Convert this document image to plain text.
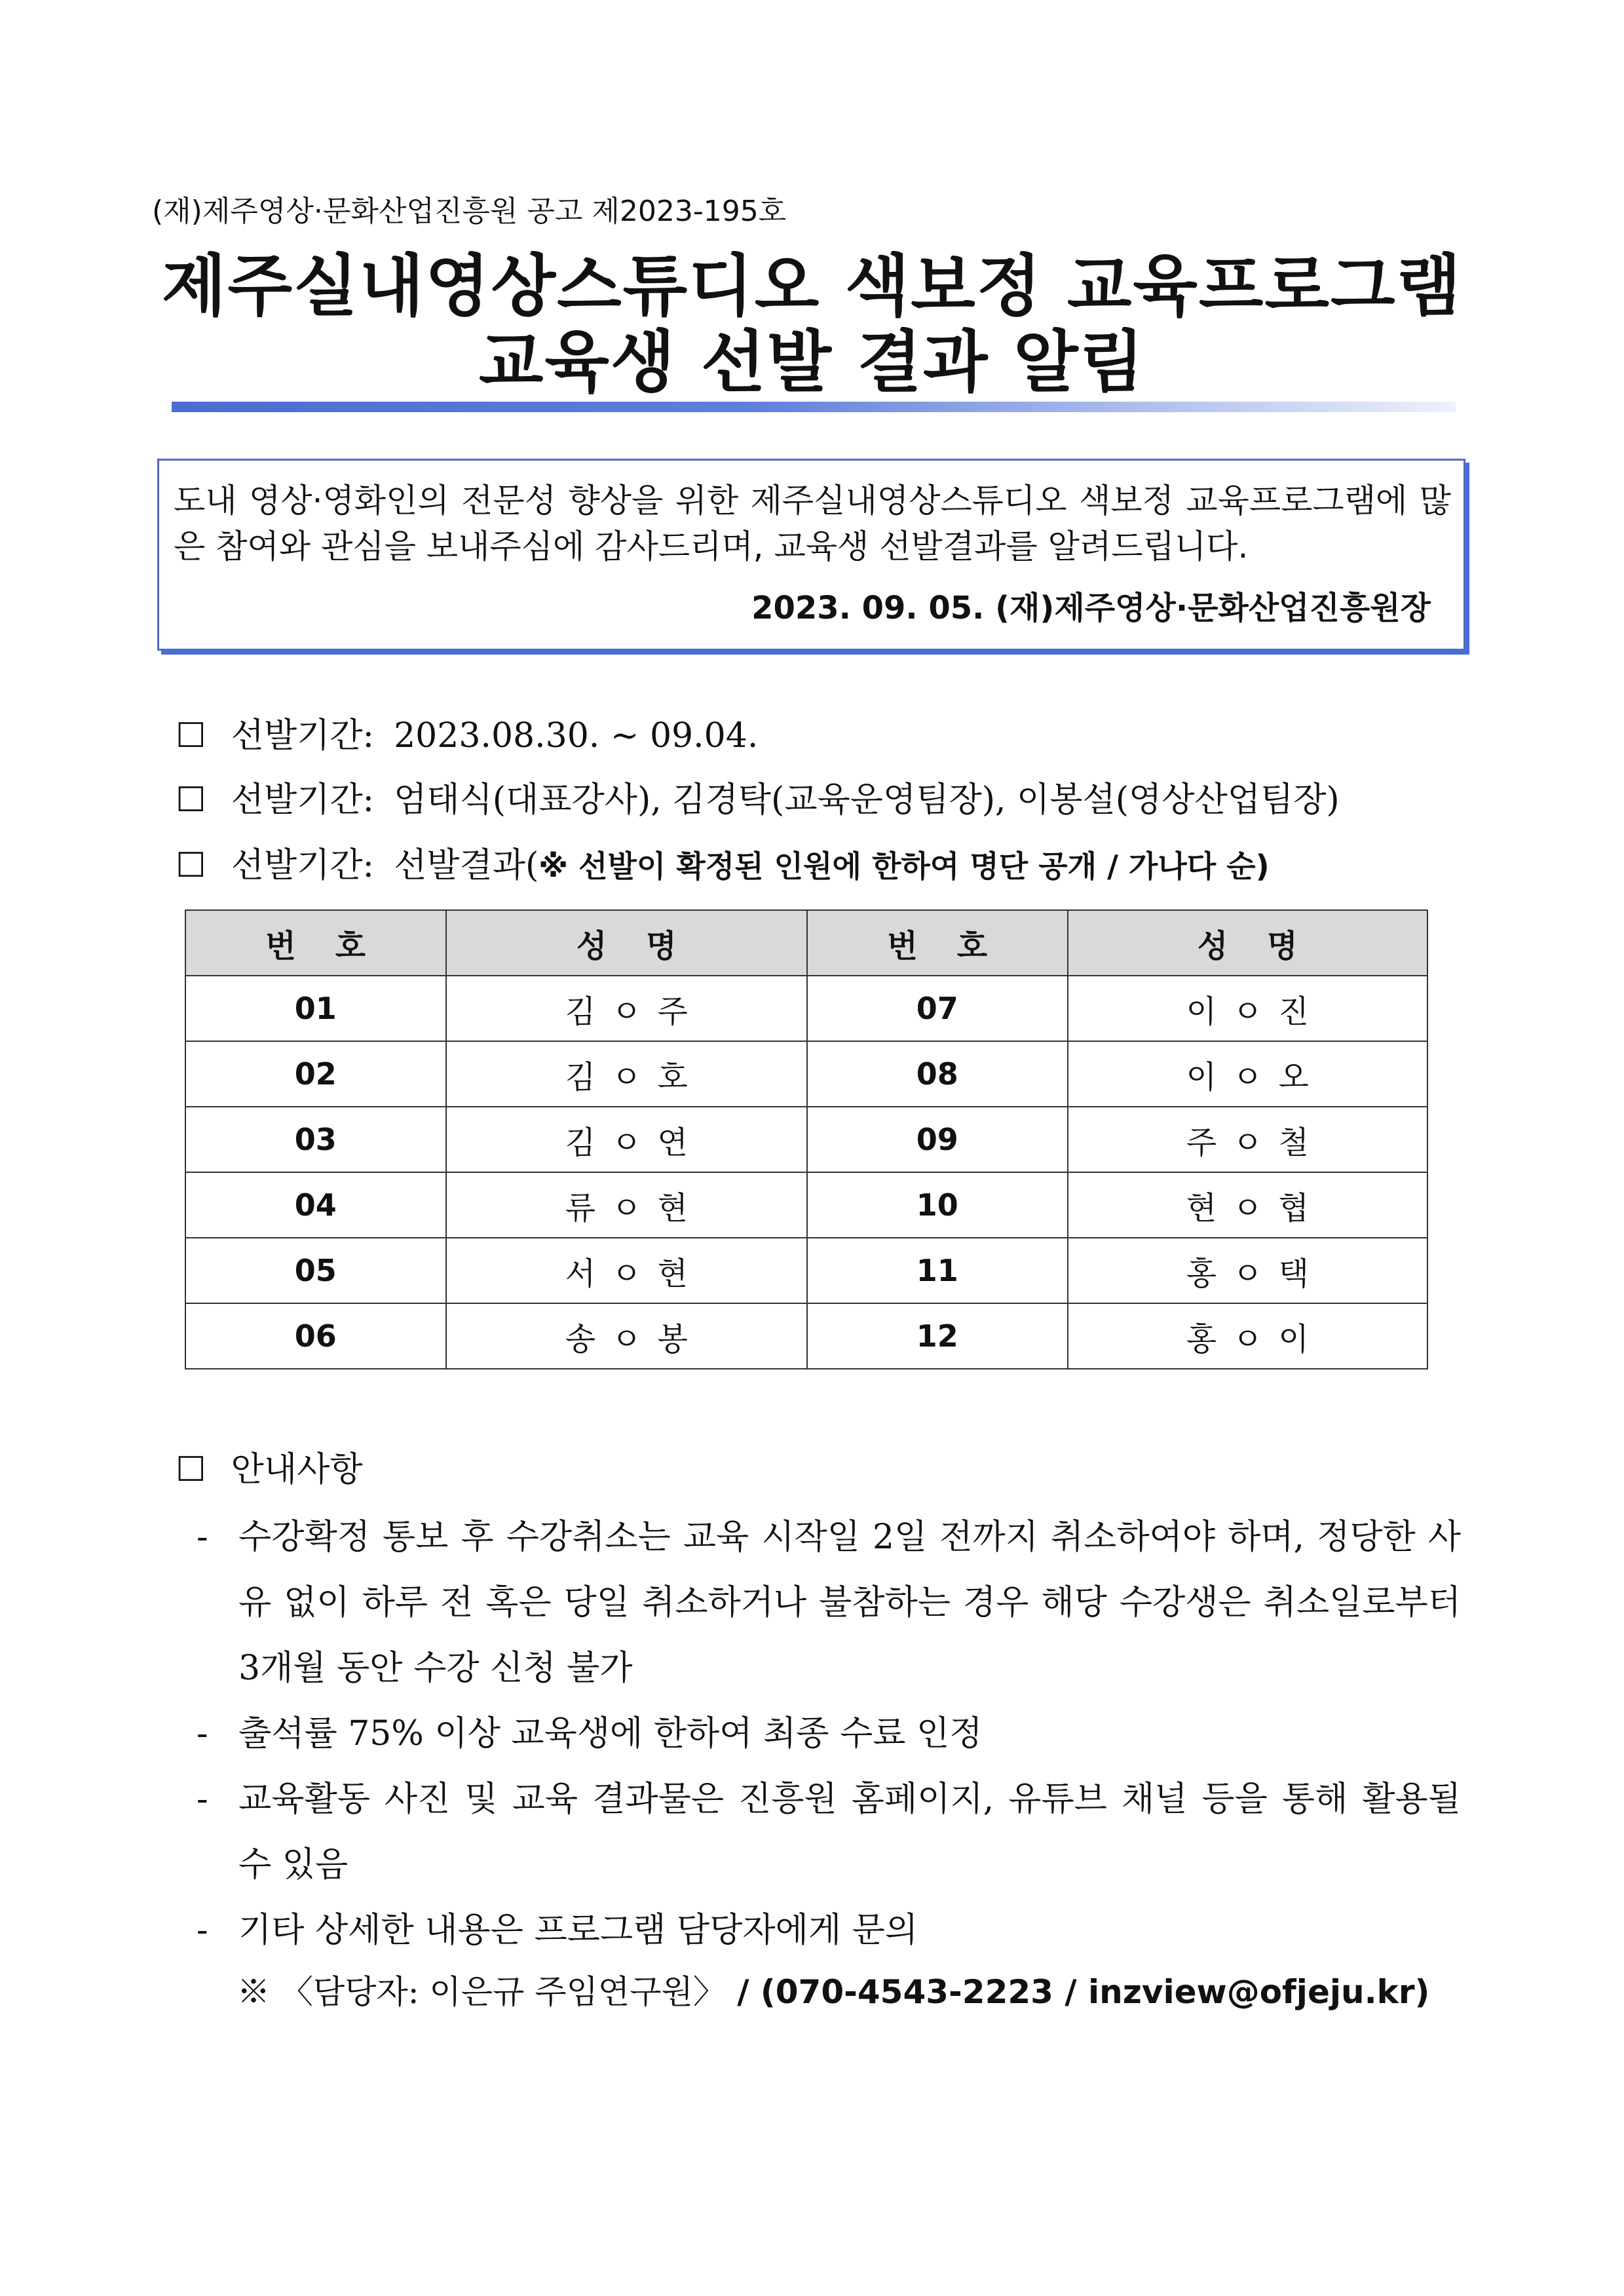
(재)제주영상·문화산업진흥원 공고 제2023-195호
제주실내영상스튜디오 색보정 교육프로그램
교육생 선발 결과 알림
도내 영상·영화인의 전문성 향상을 위한 제주실내영상스튜디오 색보정 교육프로그램에 많은 참여와 관심을 보내주심에 감사드리며, 교육생 선발결과를 알려드립니다.
2023. 09. 05. (재)제주영상·문화산업진흥원장
☐ 선발기간: 2023.08.30. ~ 09.04.
☐ 선발기간: 엄태식(대표강사), 김경탁(교육운영팀장), 이봉설(영상산업팀장)
☐ 선발기간: 선발결과(※ 선발이 확정된 인원에 한하여 명단 공개 / 가나다 순)
번호	성명	번호	성명
01	김ㅇ주	07	이ㅇ진
02	김ㅇ호	08	이ㅇ오
03	김ㅇ연	09	주ㅇ철
04	류ㅇ현	10	현ㅇ협
05	서ㅇ현	11	홍ㅇ택
06	송ㅇ봉	12	홍ㅇ이
☐ 안내사항
- 수강확정 통보 후 수강취소는 교육 시작일 2일 전까지 취소하여야 하며, 정당한 사유 없이 하루 전 혹은 당일 취소하거나 불참하는 경우 해당 수강생은 취소일로부터 3개월 동안 수강 신청 불가
- 출석률 75% 이상 교육생에 한하여 최종 수료 인정
- 교육활동 사진 및 교육 결과물은 진흥원 홈페이지, 유튜브 채널 등을 통해 활용될 수 있음
- 기타 상세한 내용은 프로그램 담당자에게 문의
※ 〈담당자: 이은규 주임연구원〉 / (070-4543-2223 / inzview@ofjeju.kr)
